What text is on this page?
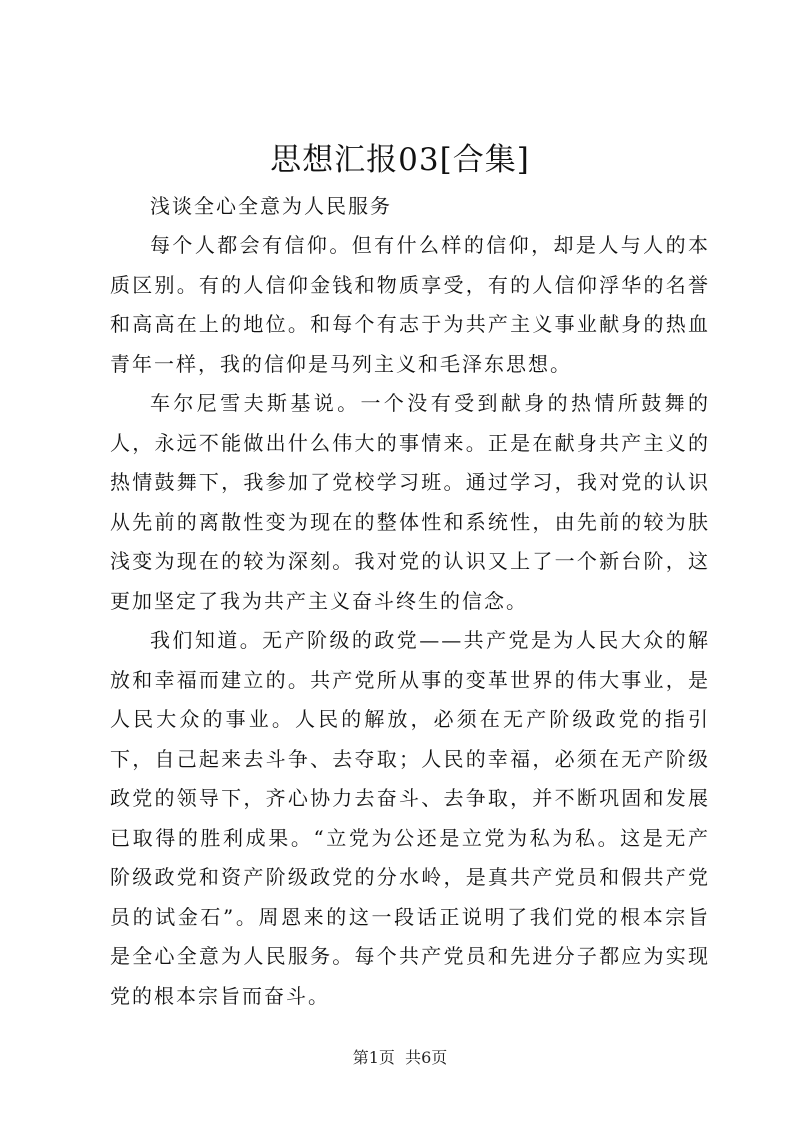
思想汇报03[合集]

浅谈全心全意为人民服务

每个人都会有信仰。但有什么样的信仰，却是人与人的本质区别。有的人信仰金钱和物质享受，有的人信仰浮华的名誉和高高在上的地位。和每个有志于为共产主义事业献身的热血青年一样，我的信仰是马列主义和毛泽东思想。

车尔尼雪夫斯基说。一个没有受到献身的热情所鼓舞的人，永远不能做出什么伟大的事情来。正是在献身共产主义的热情鼓舞下，我参加了党校学习班。通过学习，我对党的认识从先前的离散性变为现在的整体性和系统性，由先前的较为肤浅变为现在的较为深刻。我对党的认识又上了一个新台阶，这更加坚定了我为共产主义奋斗终生的信念。

我们知道。无产阶级的政党——共产党是为人民大众的解放和幸福而建立的。共产党所从事的变革世界的伟大事业，是人民大众的事业。人民的解放，必须在无产阶级政党的指引下，自己起来去斗争、去夺取；人民的幸福，必须在无产阶级政党的领导下，齐心协力去奋斗、去争取，并不断巩固和发展已取得的胜利成果。“立党为公还是立党为私为私。这是无产阶级政党和资产阶级政党的分水岭，是真共产党员和假共产党员的试金石”。周恩来的这一段话正说明了我们党的根本宗旨是全心全意为人民服务。每个共产党员和先进分子都应为实现党的根本宗旨而奋斗。

第1页 共6页
